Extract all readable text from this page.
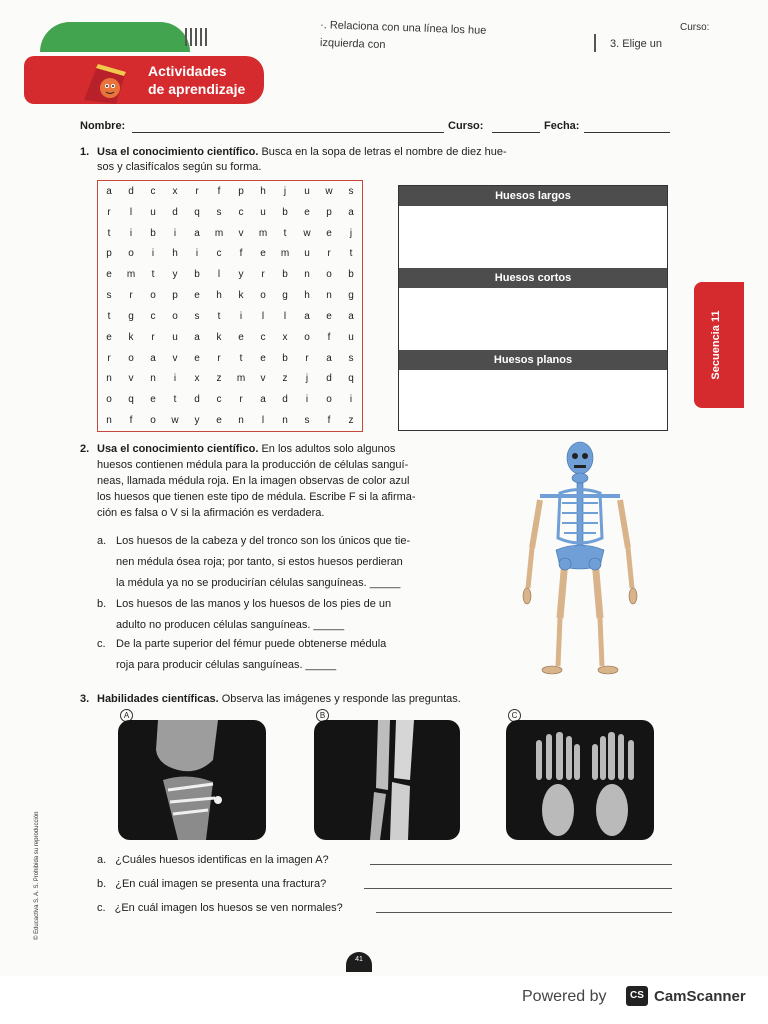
·. Relaciona con una línea los hue
izquierda con	3. Elige un
Curso:
Actividades
de aprendizaje
Nombre:	Curso:	Fecha:
1. Usa el conocimiento científico. Busca en la sopa de letras el nombre de diez hue-
sos y clasifícalos según su forma.
a	d	c	x	r	f	p	h	j	u	w	s
r	l	u	d	q	s	c	u	b	e	p	a
t	i	b	i	a	m	v	m	t	w	e	j
p	o	i	h	i	c	f	e	m	u	r	t
e	m	t	y	b	l	y	r	b	n	o	b
s	r	o	p	e	h	k	o	g	h	n	g
t	g	c	o	s	t	i	l	l	a	e	a
e	k	r	u	a	k	e	c	x	o	f	u
r	o	a	v	e	r	t	e	b	r	a	s
n	v	n	i	x	z	m	v	z	j	d	q
o	q	e	t	d	c	r	a	d	i	o	i
n	f	o	w	y	e	n	l	n	s	f	z
Huesos largos
Huesos cortos
Huesos planos	Secuencia 11
2. Usa el conocimiento científico. En los adultos solo algunos
huesos contienen médula para la producción de células sanguí-
neas, llamada médula roja. En la imagen observas de color azul
los huesos que tienen este tipo de médula. Escribe F si la afirma-
ción es falsa o V si la afirmación es verdadera.
a. Los huesos de la cabeza y del tronco son los únicos que tie-
nen médula ósea roja; por tanto, si estos huesos perdieran
la médula ya no se producirían células sanguíneas. _____
b. Los huesos de las manos y los huesos de los pies de un
adulto no producen células sanguíneas. _____
c. De la parte superior del fémur puede obtenerse médula
roja para producir células sanguíneas. _____
3. Habilidades científicas. Observa las imágenes y responde las preguntas.
A	B	C
a. ¿Cuáles huesos identificas en la imagen A?
b. ¿En cuál imagen se presenta una fractura?
c. ¿En cuál imagen los huesos se ven normales?
© Educactiva S. A. S. Prohibida su reproducción
41
Powered by	CS CamScanner
